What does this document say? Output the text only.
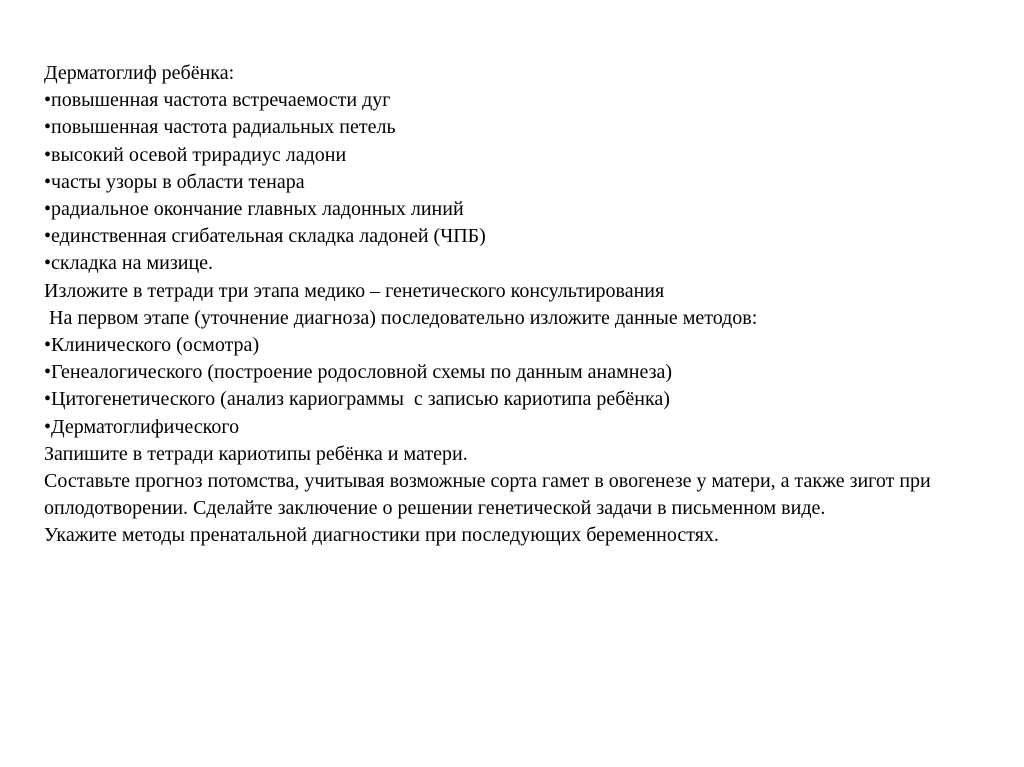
Дерматоглиф ребёнка:

•повышенная частота встречаемости дуг

•повышенная частота радиальных петель

•высокий осевой трирадиус ладони

•часты узоры в области тенара

•радиальное окончание главных ладонных линий

•единственная сгибательная складка ладоней (ЧПБ)

•складка на мизице.

Изложите в тетради три этапа медико – генетического консультирования

На первом этапе (уточнение диагноза) последовательно изложите данные методов:

•Клинического (осмотра)

•Генеалогического (построение родословной схемы по данным анамнеза)

•Цитогенетического (анализ кариограммы  с записью кариотипа ребёнка)

•Дерматоглифического

Запишите в тетради кариотипы ребёнка и матери.

Составьте прогноз потомства, учитывая возможные сорта гамет в овогенезе у матери, а также зигот при оплодотворении. Сделайте заключение о решении генетической задачи в письменном виде.

Укажите методы пренатальной диагностики при последующих беременностях.
